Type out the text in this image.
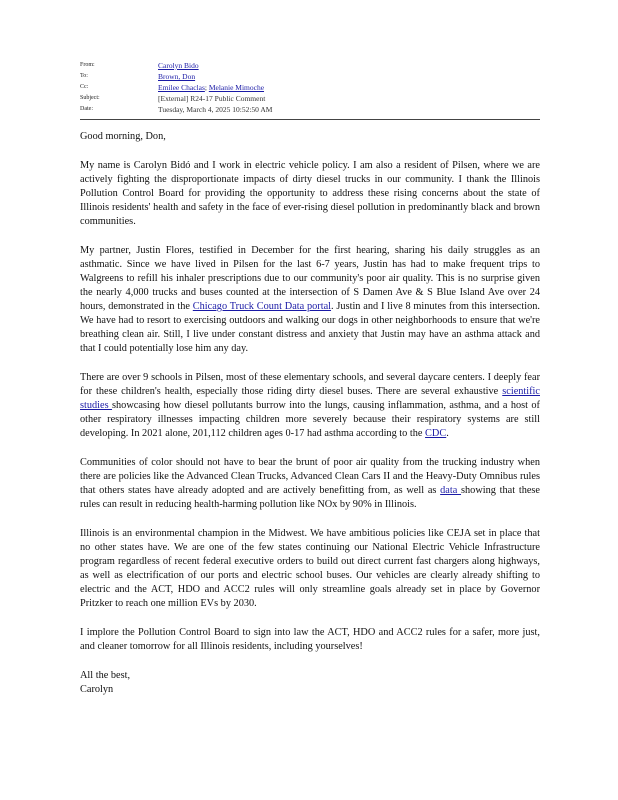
From:	Carolyn Bido
To:	Brown, Don
Cc:	Emilee Chaclas; Melanie Mimoche
Subject:	[External] R24-17 Public Comment
Date:	Tuesday, March 4, 2025 10:52:50 AM

Good morning, Don,

My name is Carolyn Bidó and I work in electric vehicle policy. I am also a resident of Pilsen, where we are actively fighting the disproportionate impacts of dirty diesel trucks in our community. I thank the Illinois Pollution Control Board for providing the opportunity to address these rising concerns about the state of Illinois residents' health and safety in the face of ever-rising diesel pollution in predominantly black and brown communities.

My partner, Justin Flores, testified in December for the first hearing, sharing his daily struggles as an asthmatic. Since we have lived in Pilsen for the last 6-7 years, Justin has had to make frequent trips to Walgreens to refill his inhaler prescriptions due to our community's poor air quality. This is no surprise given the nearly 4,000 trucks and buses counted at the intersection of S Damen Ave & S Blue Island Ave over 24 hours, demonstrated in the Chicago Truck Count Data portal. Justin and I live 8 minutes from this intersection. We have had to resort to exercising outdoors and walking our dogs in other neighborhoods to ensure that we're breathing clean air. Still, I live under constant distress and anxiety that Justin may have an asthma attack and that I could potentially lose him any day.

There are over 9 schools in Pilsen, most of these elementary schools, and several daycare centers. I deeply fear for these children's health, especially those riding dirty diesel buses. There are several exhaustive scientific studies showcasing how diesel pollutants burrow into the lungs, causing inflammation, asthma, and a host of other respiratory illnesses impacting children more severely because their respiratory systems are still developing. In 2021 alone, 201,112 children ages 0-17 had asthma according to the CDC.

Communities of color should not have to bear the brunt of poor air quality from the trucking industry when there are policies like the Advanced Clean Trucks, Advanced Clean Cars II and the Heavy-Duty Omnibus rules that others states have already adopted and are actively benefitting from, as well as data showing that these rules can result in reducing health-harming pollution like NOx by 90% in Illinois.

Illinois is an environmental champion in the Midwest. We have ambitious policies like CEJA set in place that no other states have. We are one of the few states continuing our National Electric Vehicle Infrastructure program regardless of recent federal executive orders to build out direct current fast chargers along highways, as well as electrification of our ports and electric school buses. Our vehicles are clearly already shifting to electric and the ACT, HDO and ACC2 rules will only streamline goals already set in place by Governor Pritzker to reach one million EVs by 2030.

I implore the Pollution Control Board to sign into law the ACT, HDO and ACC2 rules for a safer, more just, and cleaner tomorrow for all Illinois residents, including yourselves!

All the best,
Carolyn
